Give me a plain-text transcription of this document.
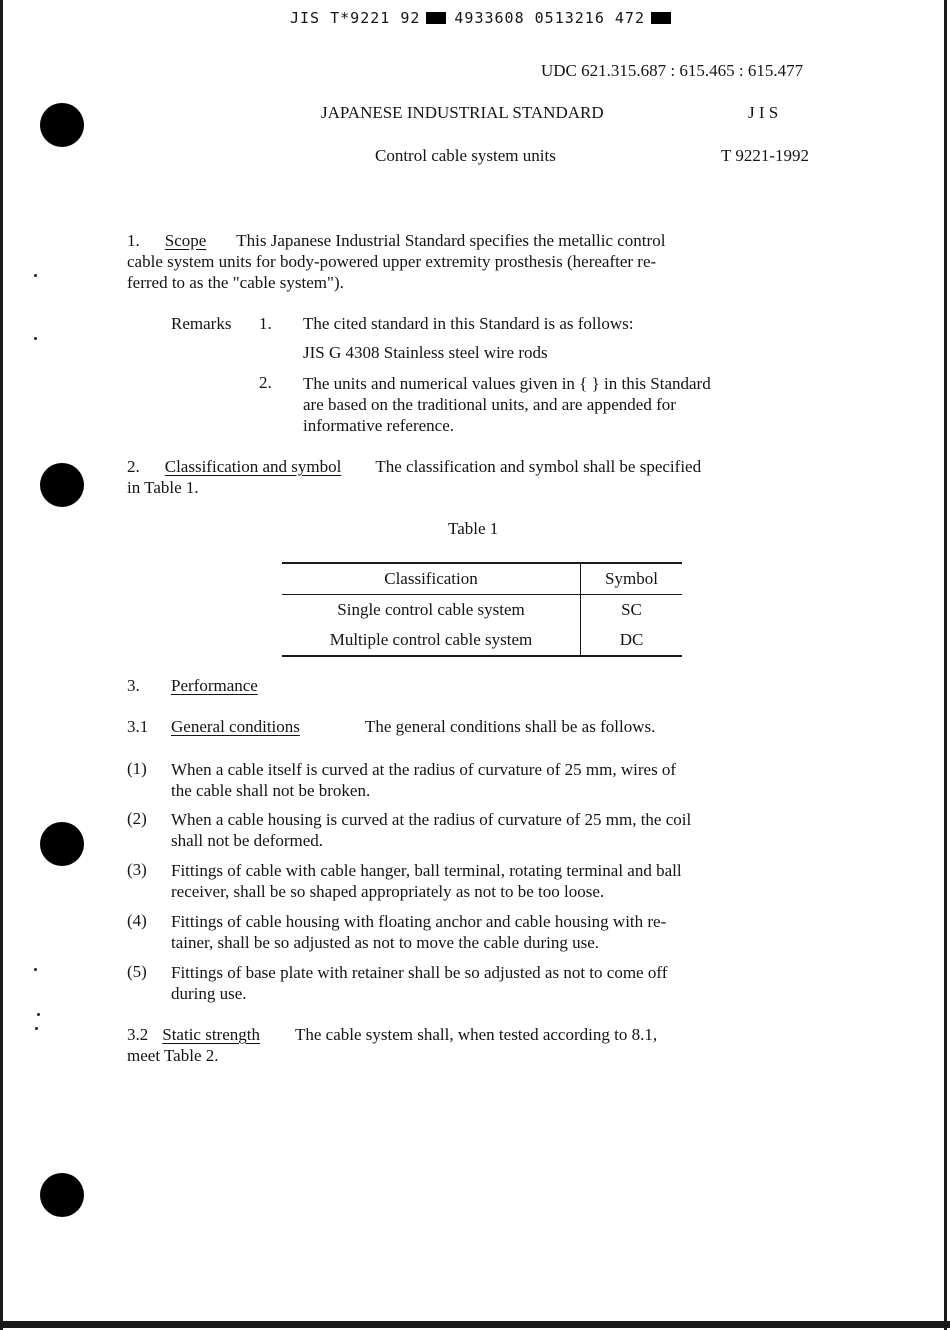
JIS T*9221 92 4933608 0513216 472
UDC 621.315.687 : 615.465 : 615.477
JAPANESE INDUSTRIAL STANDARD	J I S
Control cable system units	T 9221-1992
1. Scope This Japanese Industrial Standard specifies the metallic control
cable system units for body-powered upper extremity prosthesis (hereafter re-
ferred to as the "cable system").
Remarks 1. The cited standard in this Standard is as follows:
JIS G 4308 Stainless steel wire rods
2. The units and numerical values given in { } in this Standard
are based on the traditional units, and are appended for
informative reference.
2. Classification and symbol The classification and symbol shall be specified
in Table 1.
Table 1
Classification	Symbol
Single control cable system	SC
Multiple control cable system	DC
3. Performance
3.1 General conditions	The general conditions shall be as follows.
(1) When a cable itself is curved at the radius of curvature of 25 mm, wires of
the cable shall not be broken.
(2) When a cable housing is curved at the radius of curvature of 25 mm, the coil
shall not be deformed.
(3) Fittings of cable with cable hanger, ball terminal, rotating terminal and ball
receiver, shall be so shaped appropriately as not to be too loose.
(4) Fittings of cable housing with floating anchor and cable housing with re-
tainer, shall be so adjusted as not to move the cable during use.
(5) Fittings of base plate with retainer shall be so adjusted as not to come off
during use.
3.2 Static strength The cable system shall, when tested according to 8.1,
meet Table 2.
